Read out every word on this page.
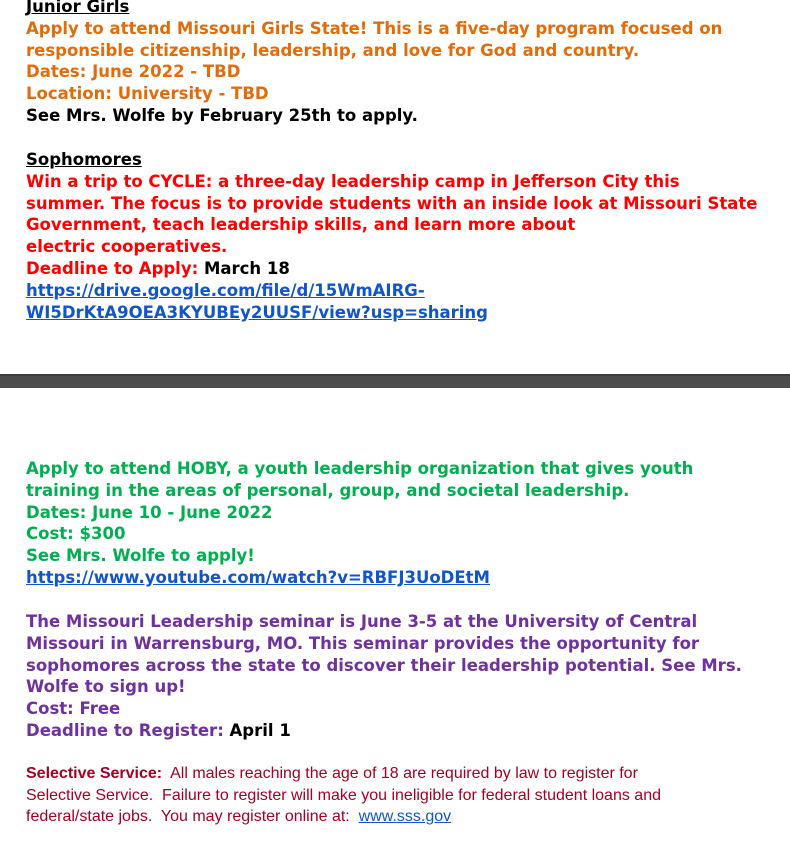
Junior Girls
Apply to attend Missouri Girls State! This is a five-day program focused on
responsible citizenship, leadership, and love for God and country.
Dates: June 2022 - TBD
Location: University - TBD
See Mrs. Wolfe by February 25th to apply.
Sophomores
Win a trip to CYCLE: a three-day leadership camp in Jefferson City this
summer. The focus is to provide students with an inside look at Missouri State
Government, teach leadership skills, and learn more about
electric cooperatives.
Deadline to Apply: March 18
https://drive.google.com/file/d/15WmAIRG-
WI5DrKtA9OEA3KYUBEy2UUSF/view?usp=sharing
Apply to attend HOBY, a youth leadership organization that gives youth
training in the areas of personal, group, and societal leadership.
Dates: June 10 - June 2022
Cost: $300
See Mrs. Wolfe to apply!
https://www.youtube.com/watch?v=RBFJ3UoDEtM
The Missouri Leadership seminar is June 3-5 at the University of Central
Missouri in Warrensburg, MO. This seminar provides the opportunity for
sophomores across the state to discover their leadership potential. See Mrs.
Wolfe to sign up!
Cost: Free
Deadline to Register: April 1
Selective Service:  All males reaching the age of 18 are required by law to register for
Selective Service.  Failure to register will make you ineligible for federal student loans and
federal/state jobs.  You may register online at:  www.sss.gov
